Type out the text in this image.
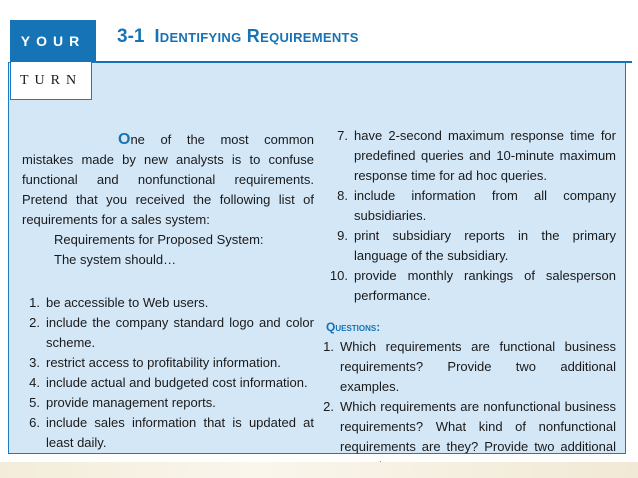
YOUR
TURN
3-1 Identifying Requirements

One of the most common mistakes made by new analysts is to confuse functional and nonfunctional requirements. Pretend that you received the following list of requirements for a sales system:

Requirements for Proposed System:
The system should…
1. be accessible to Web users.
2. include the company standard logo and color scheme.
3. restrict access to profitability information.
4. include actual and budgeted cost information.
5. provide management reports.
6. include sales information that is updated at least daily.
7. have 2-second maximum response time for predefined queries and 10-minute maximum response time for ad hoc queries.
8. include information from all company subsidiaries.
9. print subsidiary reports in the primary language of the subsidiary.
10. provide monthly rankings of salesperson performance.
Questions:
1. Which requirements are functional business requirements? Provide two additional examples.
2. Which requirements are nonfunctional business requirements? What kind of nonfunctional requirements are they? Provide two additional
